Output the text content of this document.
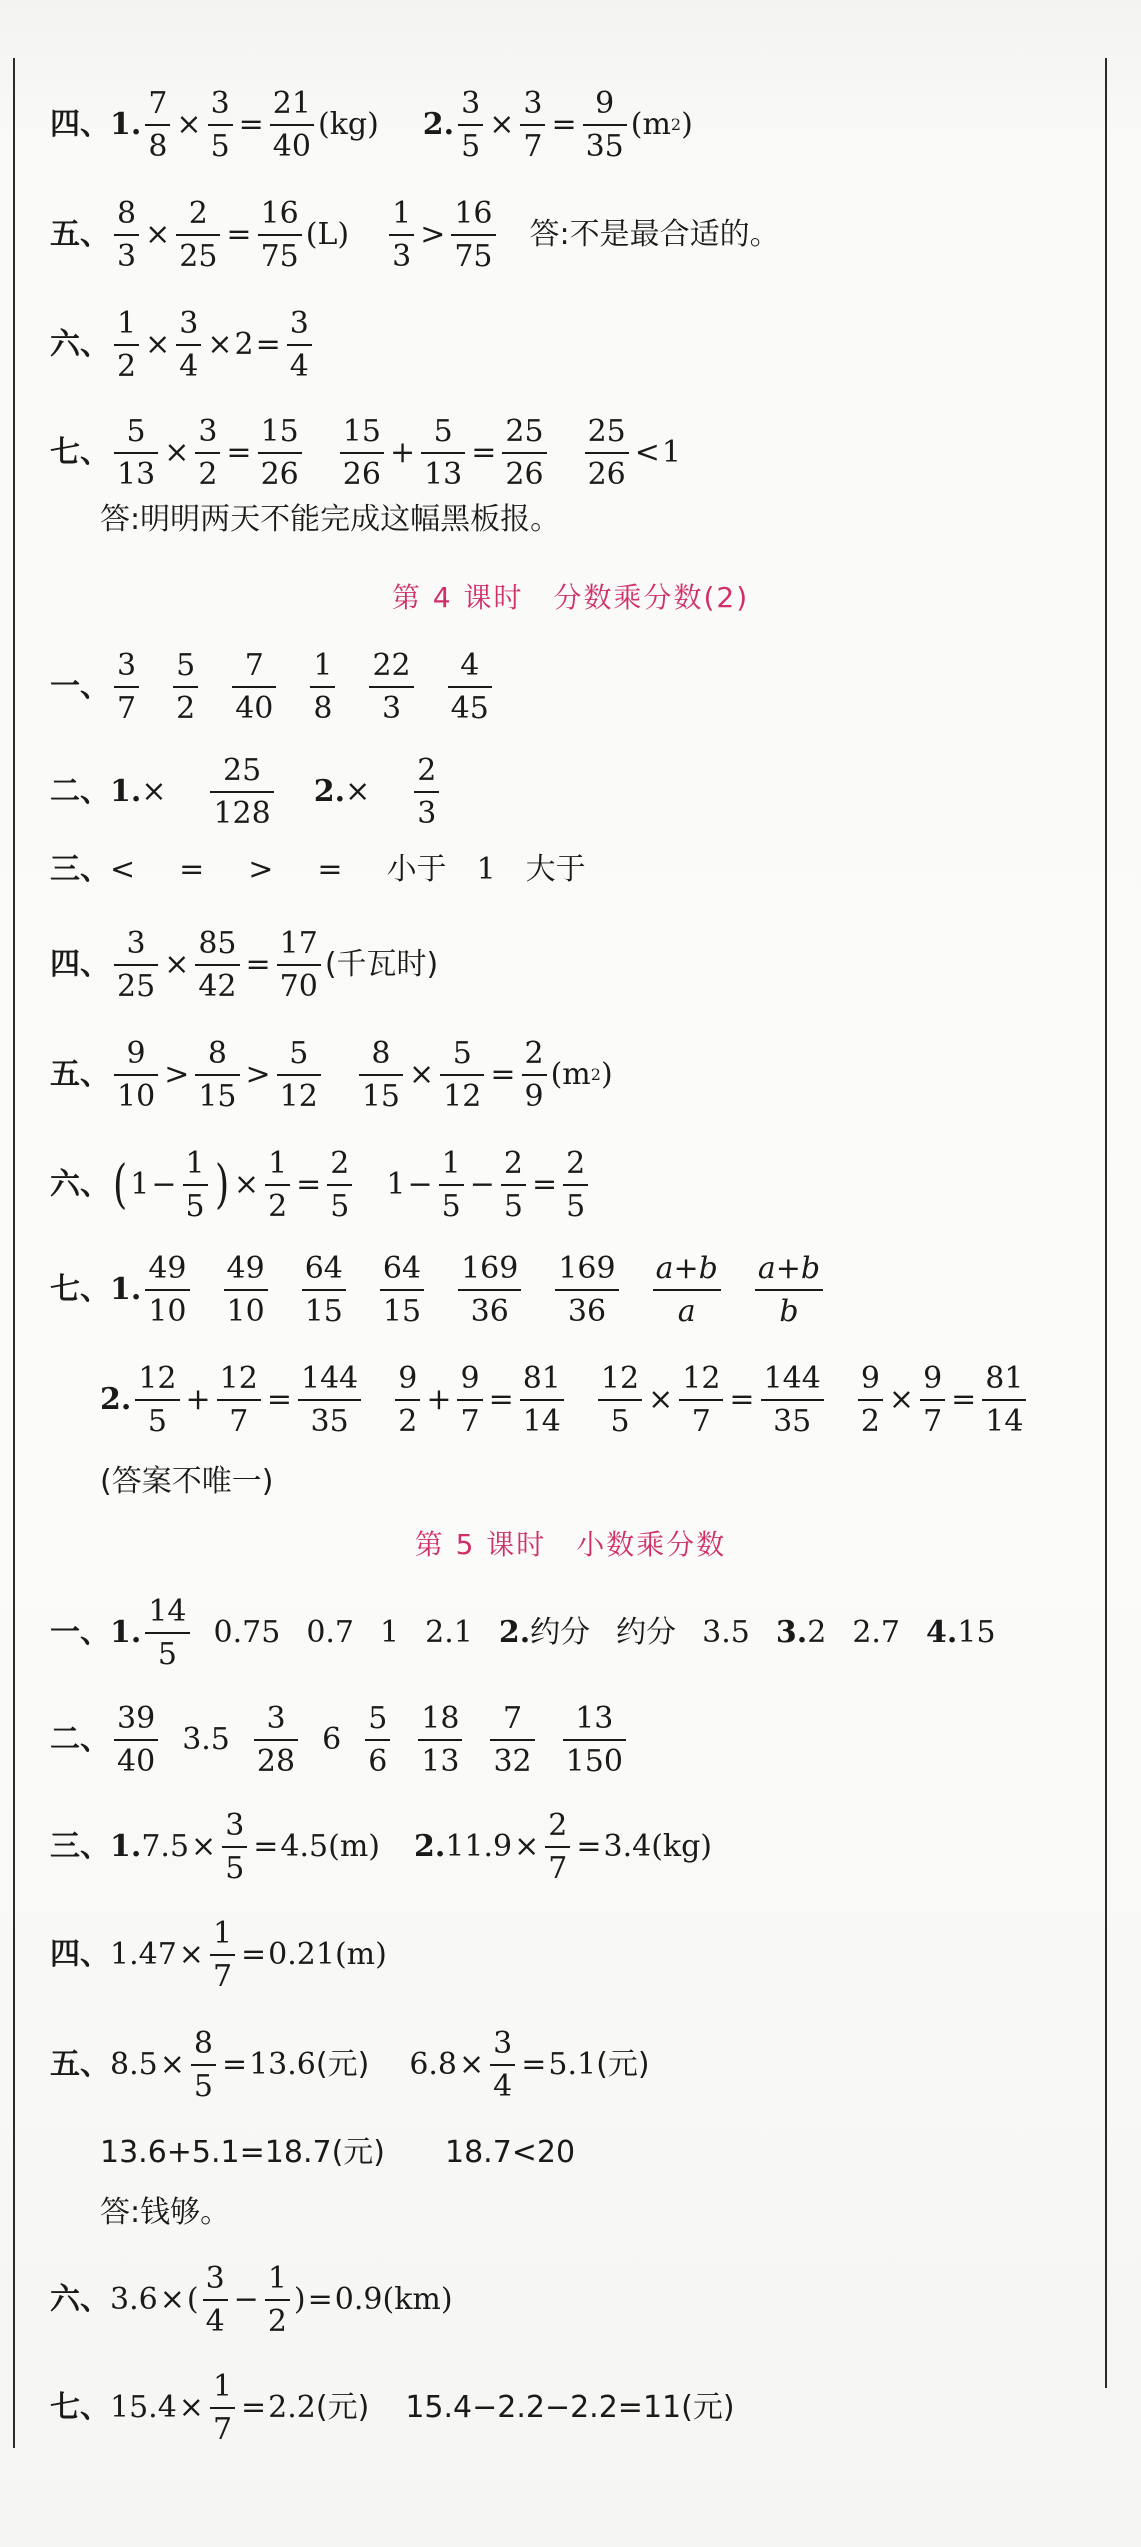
四、 1. $\frac{7}{8} \times \frac{3}{5} = \frac{21}{40} (kg)$ 2. $\frac{3}{5} \times \frac{3}{7} = \frac{9}{35} (m$ 2 )
五、 $\frac{8}{3} \times \frac{2}{25} = \frac{16}{75} (L) \frac{1}{3} > \frac{16}{75}$ 答:不是最合适的。
六、 $\frac{1}{2} \times \frac{3}{4} \times 2 = \frac{3}{4}$
七、 $\frac{5}{13} \times \frac{3}{2} = \frac{15}{26} \frac{15}{26} + \frac{5}{13} = \frac{25}{26} \frac{25}{26} < 1$
答:明明两天不能完成这幅黑板报。
第 4 课时　分数乘分数(2)
一、 $\frac{3}{7} \frac{5}{2} \frac{7}{40} \frac{1}{8} \frac{22}{3} \frac{4}{45}$
二、 1. × $\frac{25}{128} 2$. × $\frac{2}{3}$
三、 < = > = 小于 1 大于
四、 $\frac{3}{25} \times \frac{85}{42} = \frac{17}{70}$ (千瓦时)
五、 $\frac{9}{10} > \frac{8}{15} > \frac{5}{12} \frac{8}{15} \times \frac{5}{12} = \frac{2}{9} (m$ 2 )
六、 ( $1 - \frac{1}{5}$ ) × $\frac{1}{2} = \frac{2}{5} 1 - \frac{1}{5} - \frac{2}{5} = \frac{2}{5}$
七、 1. $\frac{49}{10} \frac{49}{10} \frac{64}{15} \frac{64}{15} \frac{169}{36} \frac{169}{36} \frac{a+b}{a} \frac{a+b}{b}$
2. $\frac{12}{5} + \frac{12}{7} = \frac{144}{35} \frac{9}{2} + \frac{9}{7} = \frac{81}{14} \frac{12}{5} \times \frac{12}{7} = \frac{144}{35} \frac{9}{2} \times \frac{9}{7} = \frac{81}{14}$
(答案不唯一)
第 5 课时　小数乘分数
一、 1. $\frac{14}{5} 0.75$ 0.7 1 2.1 2. 约分 约分 3.5 3. 2 2.7 4. 15
二、 $\frac{39}{40} 3.5 \frac{3}{28} 6 \frac{5}{6} \frac{18}{13} \frac{7}{32} \frac{13}{150}$
三、 1. $7.5 \times \frac{3}{5} = 4.5$ (m) 2. $11.9 \times \frac{2}{7} = 3.4$ (kg)
四、 $1.47 \times \frac{1}{7} = 0.21$ (m)
五、 $8.5 \times \frac{8}{5} = 13.6$ (元) $6.8 \times \frac{3}{4} = 5.1$ (元)
13.6+5.1=18.7(元)　　18.7<20
答:钱够。
六、 3.6 × ( $\frac{3}{4} - \frac{1}{2}$ ) = 0.9 (km)
七、 $15.4 \times \frac{1}{7} = 2.2$ (元) 15.4−2.2−2.2=11(元)
